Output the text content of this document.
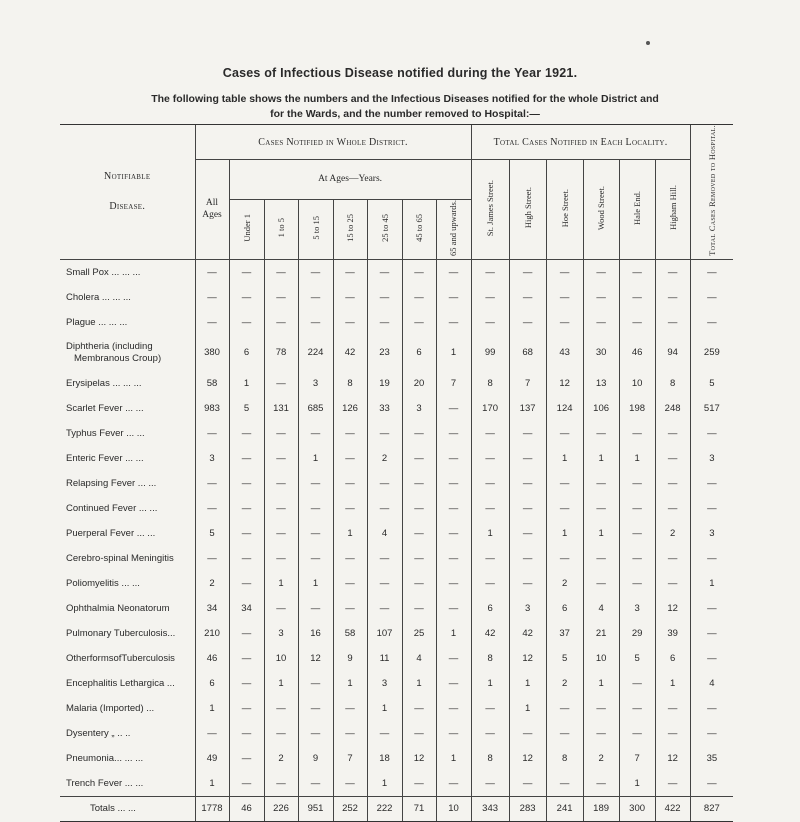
Cases of Infectious Disease notified during the Year 1921.
The following table shows the numbers and the Infectious Diseases notified for the whole District and
for the Wards, and the number removed to Hospital:—
Notifiable
Disease.	Cases Notified in Whole District.								Total Cases Notified in Each Locality.						Total Cases Removed to Hospital.
	All Ages	At Ages—Years.							St. James Street.	High Street.	Hoe Street.	Wood Street.	Hale End.	Higham Hill.	
		Under 1	1 to 5	5 to 15	15 to 25	25 to 45	45 to 65	65 and upwards.							
Small Pox ... ... ...	—	—	—	—	—	—	—	—	—	—	—	—	—	—	—
Cholera ... ... ...	—	—	—	—	—	—	—	—	—	—	—	—	—	—	—
Plague ... ... ...	—	—	—	—	—	—	—	—	—	—	—	—	—	—	—

Diphtheria (including
Membranous Croup)	380	6	78	224	42	23	6	1	99	68	43	30	46	94	259
Erysipelas ... ... ...	58	1	—	3	8	19	20	7	8	7	12	13	10	8	5
Scarlet Fever ... ...	983	5	131	685	126	33	3	—	170	137	124	106	198	248	517
Typhus Fever ... ...	—	—	—	—	—	—	—	—	—	—	—	—	—	—	—
Enteric Fever ... ...	3	—	—	1	—	2	—	—	—	—	1	1	1	—	3
Relapsing Fever ... ...	—	—	—	—	—	—	—	—	—	—	—	—	—	—	—
Continued Fever ... ...	—	—	—	—	—	—	—	—	—	—	—	—	—	—	—
Puerperal Fever ... ...	5	—	—	—	1	4	—	—	1	—	1	1	—	2	3
Cerebro-spinal Meningitis	—	—	—	—	—	—	—	—	—	—	—	—	—	—	—
Poliomyelitis ... ...	2	—	1	1	—	—	—	—	—	—	2	—	—	—	1
Ophthalmia Neonatorum	34	34	—	—	—	—	—	—	6	3	6	4	3	12	—
Pulmonary Tuberculosis...	210	—	3	16	58	107	25	1	42	42	37	21	29	39	—
OtherformsofTuberculosis	46	—	10	12	9	11	4	—	8	12	5	10	5	6	—
Encephalitis Lethargica ...	6	—	1	—	1	3	1	—	1	1	2	1	—	1	4
Malaria (Imported) ...	1	—	—	—	—	1	—	—	—	1	—	—	—	—	—
Dysentery „ .. ..	—	—	—	—	—	—	—	—	—	—	—	—	—	—	—
Pneumonia... ... ...	49	—	2	9	7	18	12	1	8	12	8	2	7	12	35
Trench Fever ... ...	1	—	—	—	—	1	—	—	—	—	—	—	1	—	—
Totals ... ...	1778	46	226	951	252	222	71	10	343	283	241	189	300	422	827
